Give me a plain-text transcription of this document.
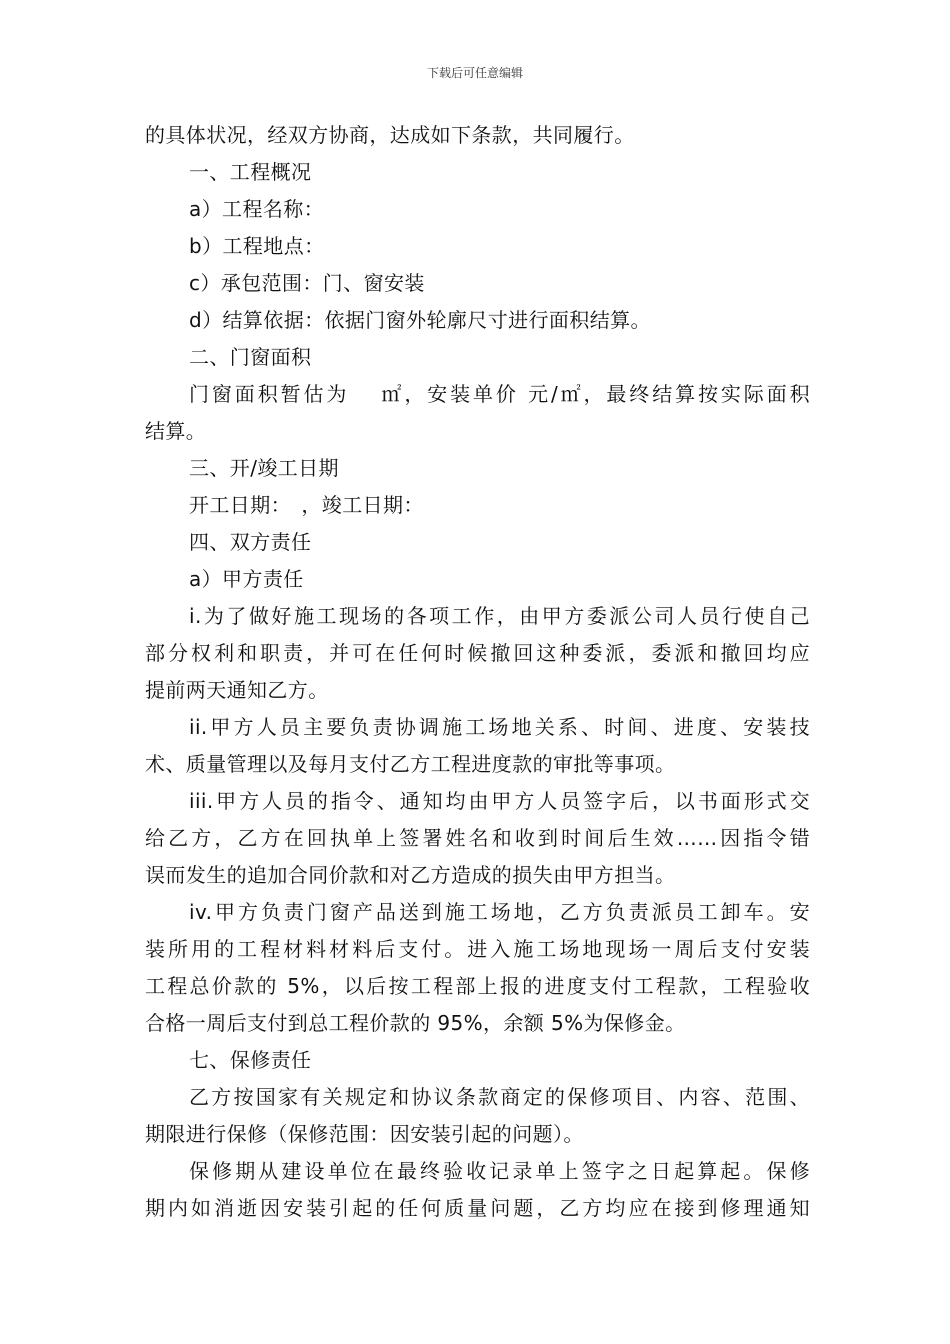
下载后可任意编辑
的具体状况，经双方协商，达成如下条款，共同履行。
一、工程概况
a）工程名称：
b）工程地点：
c）承包范围：门、窗安装
d）结算依据：依据门窗外轮廓尺寸进行面积结算。
二、门窗面积
门窗面积暂估为　 ㎡，安装单价 元/㎡，最终结算按实际面积
结算。
三、开/竣工日期
开工日期：　，竣工日期：
四、双方责任
a）甲方责任
i.为了做好施工现场的各项工作，由甲方委派公司人员行使自己
部分权利和职责，并可在任何时候撤回这种委派，委派和撤回均应
提前两天通知乙方。
ii.甲方人员主要负责协调施工场地关系、时间、进度、安装技
术、质量管理以及每月支付乙方工程进度款的审批等事项。
iii.甲方人员的指令、通知均由甲方人员签字后，以书面形式交
给乙方，乙方在回执单上签署姓名和收到时间后生效……因指令错
误而发生的追加合同价款和对乙方造成的损失由甲方担当。
iv.甲方负责门窗产品送到施工场地，乙方负责派员工卸车。安
装所用的工程材料材料后支付。进入施工场地现场一周后支付安装
工程总价款的 5%，以后按工程部上报的进度支付工程款，工程验收
合格一周后支付到总工程价款的 95%，余额 5%为保修金。
七、保修责任
乙方按国家有关规定和协议条款商定的保修项目、内容、范围、
期限进行保修（保修范围：因安装引起的问题）。
保修期从建设单位在最终验收记录单上签字之日起算起。保修
期内如消逝因安装引起的任何质量问题，乙方均应在接到修理通知
